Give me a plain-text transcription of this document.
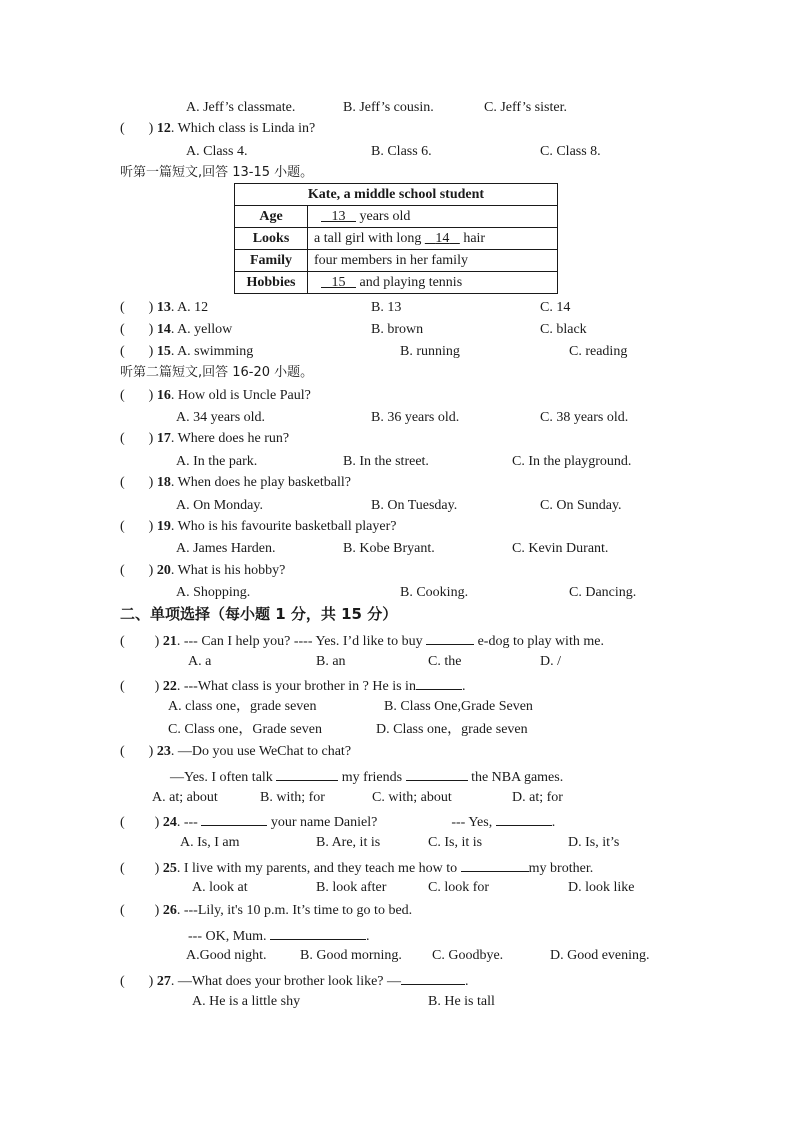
A. Jeff’s classmate.	B. Jeff’s cousin.	C. Jeff’s sister.
( ) 12. Which class is Linda in?
A. Class 4.	B. Class 6.	C. Class 8.
听第一篇短文,回答 13-15 小题。
Kate, a middle school student	
Age	13    years old
Looks	a tall girl with long    14    hair
Family	four members in her family
Hobbies	15    and playing tennis
( ) 13. A. 12	B. 13	C. 14
( ) 14. A. yellow	B. brown	C. black
( ) 15. A. swimming	B. running	C. reading
听第二篇短文,回答 16-20 小题。
( ) 16. How old is Uncle Paul?
A. 34 years old.	B. 36 years old.	C. 38 years old.
( ) 17. Where does he run?
A. In the park.	B. In the street.	C. In the playground.
( ) 18. When does he play basketball?
A. On Monday.	B. On Tuesday.	C. On Sunday.
( ) 19. Who is his favourite basketball player?
A. James Harden.	B. Kobe Bryant.	C. Kevin Durant.
( ) 20. What is his hobby?
A. Shopping.	B. Cooking.	C. Dancing.
二、单项选择（每小题 1 分，共 15 分）
( ) 21. --- Can I help you? ---- Yes. I’d like to buy	e-dog to play with me.
A. a	B. an	C. the	D. /
( ) 22. ---What class is your brother in ? He is in	.
A. class one，grade seven	B. Class One,Grade Seven
C. Class one，Grade seven	D. Class one，grade seven
( ) 23. —Do you use WeChat to chat?
—Yes. I often talk	my friends	the NBA games.
A. at; about	B. with; for	C. with; about	D. at; for
( ) 24. ---	your name Daniel?	--- Yes,	.
A. Is, I am	B. Are, it is	C. Is, it is	D. Is, it’s
( ) 25. I live with my parents, and they teach me how to	my brother.
A. look at	B. look after	C. look for	D. look like
( ) 26. ---Lily, it's 10 p.m. It’s time to go to bed.
--- OK, Mum.	.
A.Good night. B. Good morning. C. Goodbye.	D. Good evening.
( ) 27. —What does your brother look like? —	.
A. He is a little shy	B. He is tall
